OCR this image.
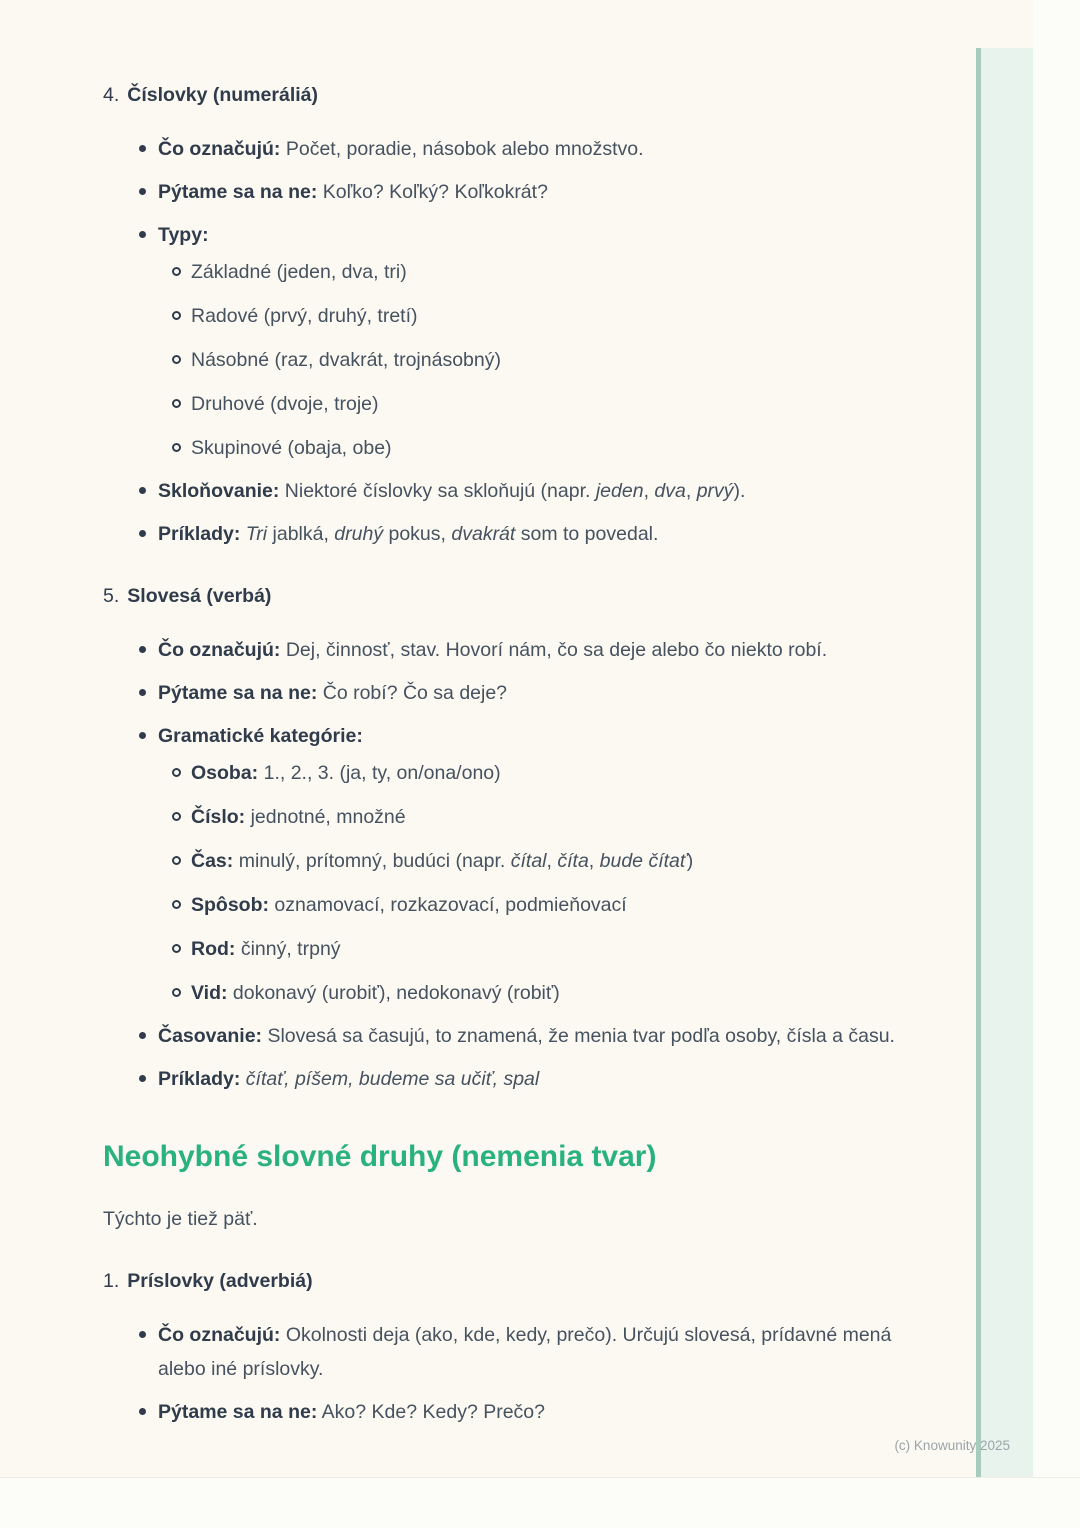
4. Číslovky (numeráliá)
Čo označujú: Počet, poradie, násobok alebo množstvo.
Pýtame sa na ne: Koľko? Koľký? Koľkokrát?
Typy:
Základné (jeden, dva, tri)
Radové (prvý, druhý, tretí)
Násobné (raz, dvakrát, trojnásobný)
Druhové (dvoje, troje)
Skupinové (obaja, obe)
Skloňovanie: Niektoré číslovky sa skloňujú (napr. jeden, dva, prvý).
Príklady: Tri jablká, druhý pokus, dvakrát som to povedal.
5. Slovesá (verbá)
Čo označujú: Dej, činnosť, stav. Hovorí nám, čo sa deje alebo čo niekto robí.
Pýtame sa na ne: Čo robí? Čo sa deje?
Gramatické kategórie:
Osoba: 1., 2., 3. (ja, ty, on/ona/ono)
Číslo: jednotné, množné
Čas: minulý, prítomný, budúci (napr. čítal, číta, bude čítať)
Spôsob: oznamovací, rozkazovací, podmieňovací
Rod: činný, trpný
Vid: dokonavý (urobiť), nedokonavý (robiť)
Časovanie: Slovesá sa časujú, to znamená, že menia tvar podľa osoby, čísla a času.
Príklady: čítať, píšem, budeme sa učiť, spal
Neohybné slovné druhy (nemenia tvar)

Týchto je tiež päť.

1. Príslovky (adverbiá)
Čo označujú: Okolnosti deja (ako, kde, kedy, prečo). Určujú slovesá, prídavné mená alebo iné príslovky.
Pýtame sa na ne: Ako? Kde? Kedy? Prečo?
(c) Knowunity 2025
